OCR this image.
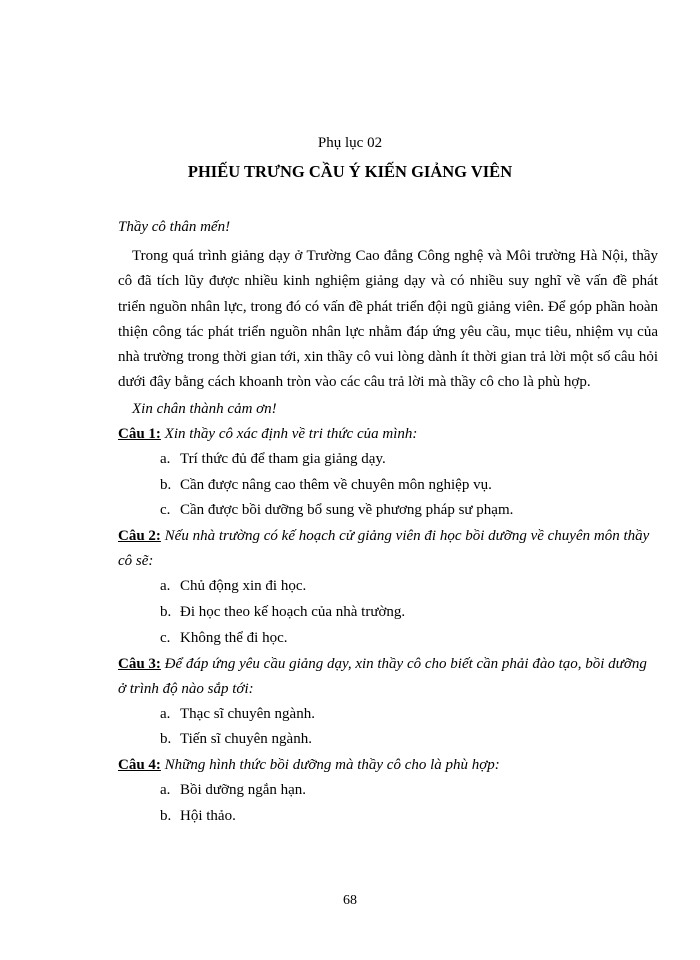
Phụ lục 02
PHIẾU TRƯNG CẦU Ý KIẾN GIẢNG VIÊN
Thầy cô thân mến!

Trong quá trình giảng dạy ở Trường Cao đẳng Công nghệ và Môi trường Hà Nội, thầy cô đã tích lũy được nhiều kinh nghiệm giảng dạy và có nhiều suy nghĩ về vấn đề phát triển nguồn nhân lực, trong đó có vấn đề phát triển đội ngũ giảng viên. Để góp phần hoàn thiện công tác phát triển nguồn nhân lực nhằm đáp ứng yêu cầu, mục tiêu, nhiệm vụ của nhà trường trong thời gian tới, xin thầy cô vui lòng dành ít thời gian trả lời một số câu hỏi dưới đây bằng cách khoanh tròn vào các câu trả lời mà thầy cô cho là phù hợp.

Xin chân thành cảm ơn!

Câu 1: Xin thầy cô xác định về tri thức của mình:

a. Trí thức đủ để tham gia giảng dạy.
b. Cần được nâng cao thêm về chuyên môn nghiệp vụ.
c. Cần được bồi dưỡng bổ sung về phương pháp sư phạm.

Câu 2: Nếu nhà trường có kế hoạch cử giảng viên đi học bồi dưỡng về chuyên môn thầy cô sẽ:

a. Chủ động xin đi học.
b. Đi học theo kế hoạch của nhà trường.
c. Không thể đi học.

Câu 3: Để đáp ứng yêu cầu giảng dạy, xin thầy cô cho biết cần phải đào tạo, bồi dưỡng ở trình độ nào sắp tới:

a. Thạc sĩ chuyên ngành.
b. Tiến sĩ chuyên ngành.

Câu 4: Những hình thức bồi dưỡng mà thầy cô cho là phù hợp:

a. Bồi dưỡng ngắn hạn.
b. Hội thảo.
68
